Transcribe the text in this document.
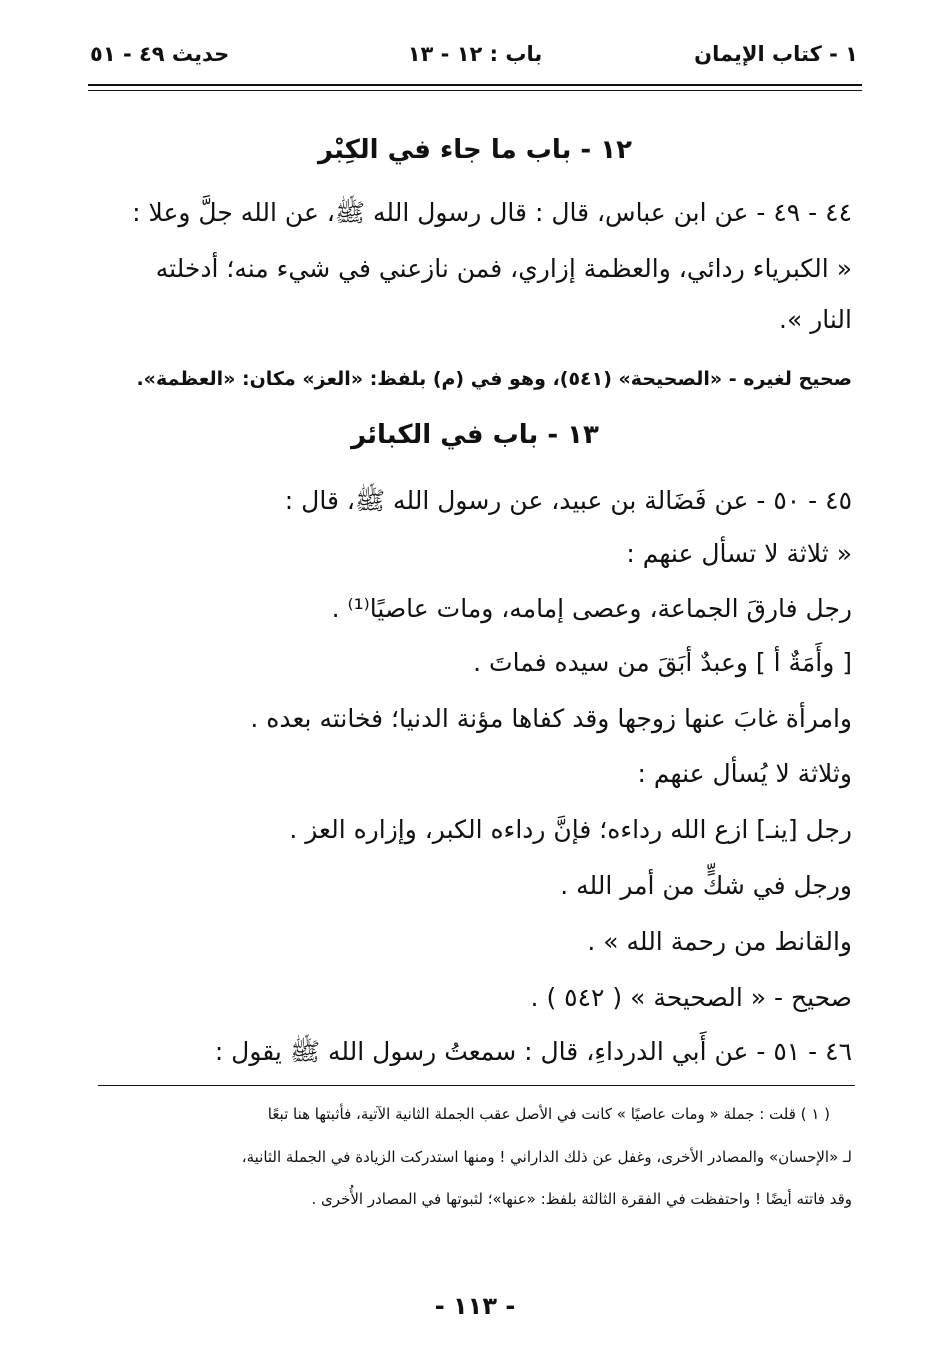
١ - كتاب الإيمان
باب : ١٢ - ١٣
حديث ٤٩ - ٥١
١٢ - باب ما جاء في الكِبْر
٤٤ - ٤٩ - عن ابن عباس، قال : قال رسول الله ﷺ، عن الله جلَّ وعلا :
« الكبرياء ردائي، والعظمة إزاري، فمن نازعني في شيء منه؛ أدخلته
النار ».
صحيح لغيره - «الصحيحة» (٥٤١)، وهو في (م) بلفظ: «العز» مكان: «العظمة».
١٣ - باب في الكبائر
٤٥ - ٥٠ - عن فَضَالة بن عبيد، عن رسول الله ﷺ، قال :
« ثلاثة لا تسأل عنهم :
رجل فارقَ الجماعة، وعصى إمامه، ومات عاصيًا⁽¹⁾ .
[ وأَمَةٌ أ ] وعبدٌ أبَقَ من سيده فماتَ .
وامرأة غابَ عنها زوجها وقد كفاها مؤنة الدنيا؛ فخانته بعده .
وثلاثة لا يُسأل عنهم :
رجل [ينـ] ازع الله رداءه؛ فإنَّ رداءه الكبر، وإزاره العز .
ورجل في شكٍّ من أمر الله .
والقانط من رحمة الله » .
صحيح - « الصحيحة » ( ٥٤٢ ) .
٤٦ - ٥١ - عن أَبي الدرداءِ، قال : سمعتُ رسول الله ﷺ يقول :
( ١ ) قلت : جملة « ومات عاصيًا » كانت في الأصل عقب الجملة الثانية الآتية، فأثبتها هنا تبعًا
لـ «الإحسان» والمصادر الأخرى، وغفل عن ذلك الداراني ! ومنها استدركت الزيادة في الجملة الثانية،
وقد فاتته أيضًا ! واحتفظت في الفقرة الثالثة بلفظ: «عنها»؛ لثبوتها في المصادر الأُخرى .
- ١١٣ -
